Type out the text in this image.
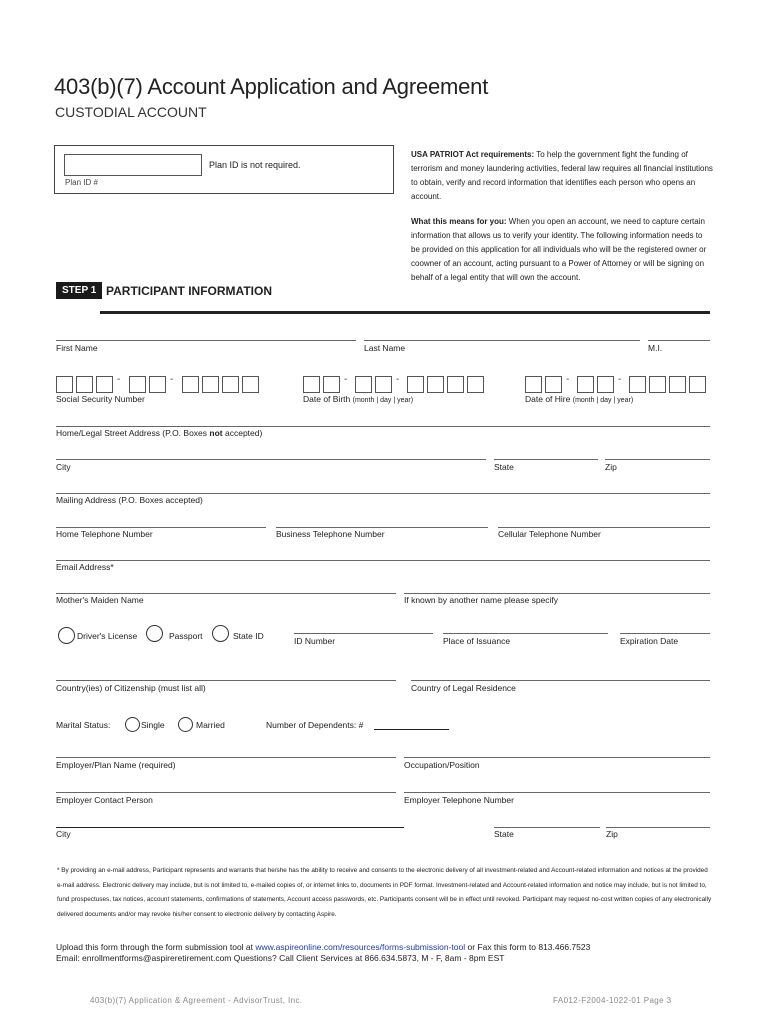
403(b)(7) Account Application and Agreement
CUSTODIAL ACCOUNT
Plan ID is not required.
Plan ID #

USA PATRIOT Act requirements: To help the government fight the funding of terrorism and money laundering activities, federal law requires all financial institutions to obtain, verify and record information that identifies each person who opens an account.

What this means for you: When you open an account, we need to capture certain information that allows us to verify your identity. The following information needs to be provided on this application for all individuals who will be the registered owner or coowner of an account, acting pursuant to a Power of Attorney or will be signing on behalf of a legal entity that will own the account.

STEP 1 PARTICIPANT INFORMATION
First Name	Last Name	M.I.
-	-
Social Security Number
-	-
Date of Birth (month | day | year)
-	-
Date of Hire (month | day | year)
Home/Legal Street Address (P.O. Boxes not accepted)
City	State	Zip
Mailing Address (P.O. Boxes accepted)
Home Telephone Number	Business Telephone Number	Cellular Telephone Number
Email Address*
Mother's Maiden Name	If known by another name please specify
Driver's License	Passport	State ID	ID Number	Place of Issuance	Expiration Date
Country(ies) of Citizenship (must list all)	Country of Legal Residence
Marital Status:	Single	Married	Number of Dependents: #
Employer/Plan Name (required)	Occupation/Position
Employer Contact Person	Employer Telephone Number
City	State	Zip
* By providing an e-mail address, Participant represents and warrants that he/she has the ability to receive and consents to the electronic delivery of all investment-related and Account-related information and notices at the provided e-mail address. Electronic delivery may include, but is not limited to, e-mailed copies of, or internet links to, documents in PDF format. Investment-related and Account-related information and notice may include, but is not limited to, fund prospectuses, tax notices, account statements, confirmations of statements, Account access passwords, etc. Participants consent will be in effect until revoked. Participant may request no-cost written copies of any electronically delivered documents and/or may revoke his/her consent to electronic delivery by contacting Aspire.
Upload this form through the form submission tool at www.aspireonline.com/resources/forms-submission-tool or Fax this form to 813.466.7523
Email: enrollmentforms@aspireretirement.com Questions? Call Client Services at 866.634.5873, M - F, 8am - 8pm EST
403(b)(7) Application & Agreement - AdvisorTrust, Inc.	FA012-F2004-1022-01 Page 3
